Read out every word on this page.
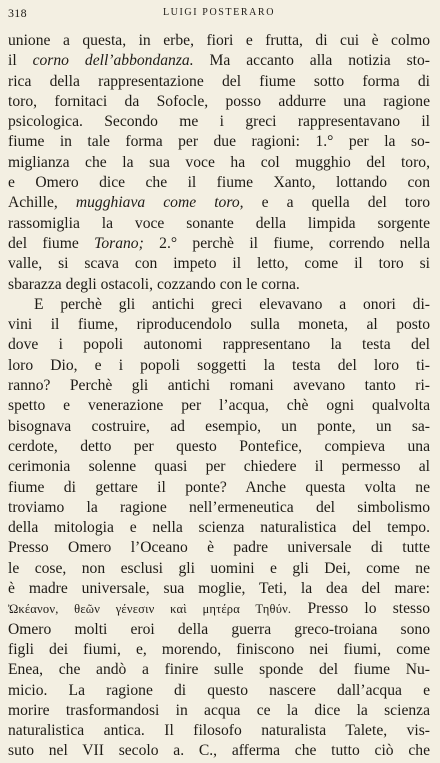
318	LUIGI POSTERARO
unione a questa, in erbe, fiori e frutta, di cui è colmo
il corno dell’abbondanza. Ma accanto alla notizia sto-
rica della rappresentazione del fiume sotto forma di
toro, fornitaci da Sofocle, posso addurre una ragione
psicologica. Secondo me i greci rappresentavano il
fiume in tale forma per due ragioni: 1.° per la so-
miglianza che la sua voce ha col mugghio del toro,
e Omero dice che il fiume Xanto, lottando con
Achille, mugghiava come toro, e a quella del toro
rassomiglia la voce sonante della limpida sorgente
del fiume Torano; 2.° perchè il fiume, correndo nella
valle, si scava con impeto il letto, come il toro si
sbarazza degli ostacoli, cozzando con le corna.
E perchè gli antichi greci elevavano a onori di-
vini il fiume, riproducendolo sulla moneta, al posto
dove i popoli autonomi rappresentano la testa del
loro Dio, e i popoli soggetti la testa del loro ti-
ranno? Perchè gli antichi romani avevano tanto ri-
spetto e venerazione per l’acqua, chè ogni qualvolta
bisognava costruire, ad esempio, un ponte, un sa-
cerdote, detto per questo Pontefice, compieva una
cerimonia solenne quasi per chiedere il permesso al
fiume di gettare il ponte? Anche questa volta ne
troviamo la ragione nell’ermeneutica del simbolismo
della mitologia e nella scienza naturalistica del tempo.
Presso Omero l’Oceano è padre universale di tutte
le cose, non esclusi gli uomini e gli Dei, come ne
è madre universale, sua moglie, Teti, la dea del mare:
Ὠκέανον, θεῶν γένεσιν καὶ μητέρα Τηθύν. Presso lo stesso
Omero molti eroi della guerra greco-troiana sono
figli dei fiumi, e, morendo, finiscono nei fiumi, come
Enea, che andò a finire sulle sponde del fiume Nu-
micio. La ragione di questo nascere dall’acqua e
morire trasformandosi in acqua ce la dice la scienza
naturalistica antica. Il filosofo naturalista Talete, vis-
suto nel VII secolo a. C., afferma che tutto ciò che
